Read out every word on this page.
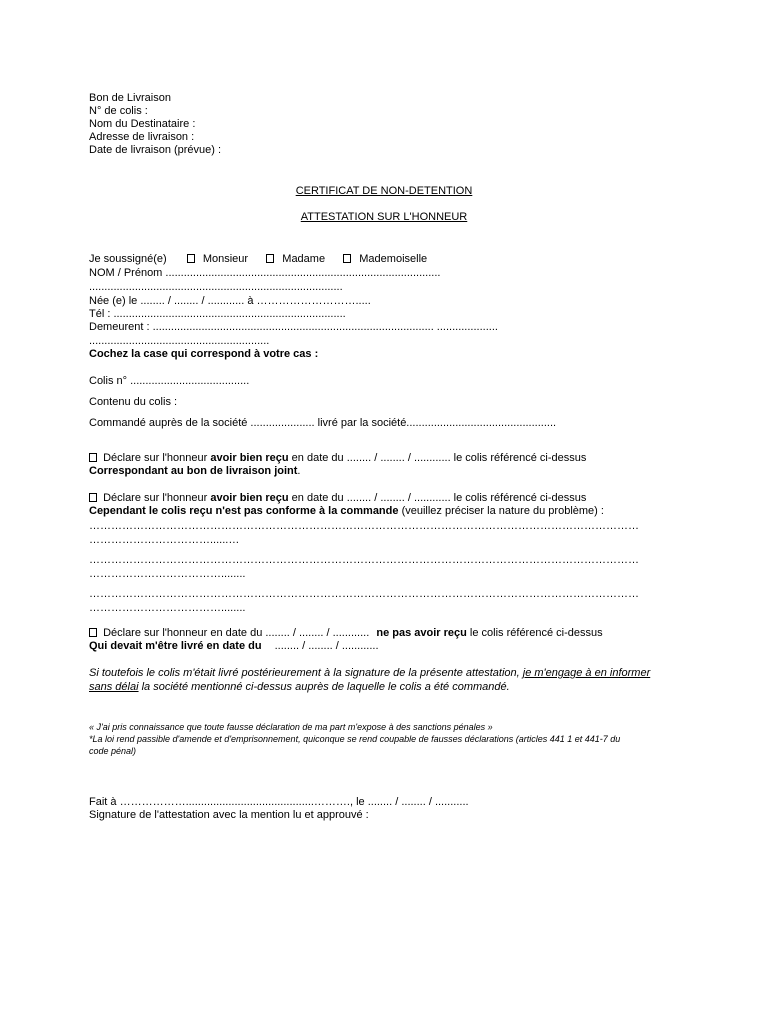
Bon de Livraison
N° de colis :
Nom du Destinataire :
Adresse de livraison :
Date de livraison (prévue) :
CERTIFICAT DE NON-DETENTION
ATTESTATION SUR L'HONNEUR
Je soussigné(e)	Monsieur	Madame	Mademoiselle
NOM / Prénom ..........................................................................................
...................................................................................
Née (e) le ........ / ........ / ............ à ……………………….....
Tél : ............................................................................
Demeurent : ............................................................................................ ....................
...........................................................
Cochez la case qui correspond à votre cas :
Colis n° .......................................
Contenu du colis :
Commandé auprès de la société ..................... livré par la société.................................................
Déclare sur l'honneur avoir bien reçu en date du ........ / ........ / ............ le colis référencé ci-dessus
Correspondant au bon de livraison joint.
Déclare sur l'honneur avoir bien reçu en date du ........ / ........ / ............ le colis référencé ci-dessus
Cependant le colis reçu n'est pas conforme à la commande (veuillez préciser la nature du problème) :
……………………………………………………………………………………………………………………………………
……………………………......…
……………………………………………………………………………………………………………………………………
………………………………........
……………………………………………………………………………………………………………………………………
………………………………........
Déclare sur l'honneur en date du ........ / ........ / ............ ne pas avoir reçu le colis référencé ci-dessus
Qui devait m'être livré en date du ........ / ........ / ............
Si toutefois le colis m'était livré postérieurement à la signature de la présente attestation, je m'engage à en informer
sans délai la société mentionné ci-dessus auprès de laquelle le colis a été commandé.
« J'ai pris connaissance que toute fausse déclaration de ma part m'expose à des sanctions pénales »
*La loi rend passible d'amende et d'emprisonnement, quiconque se rend coupable de fausses déclarations (articles 441 1 et 441-7 du
code pénal)
Fait à ………………..........................................………., le ........ / ........ / ...........
Signature de l'attestation avec la mention lu et approuvé :
